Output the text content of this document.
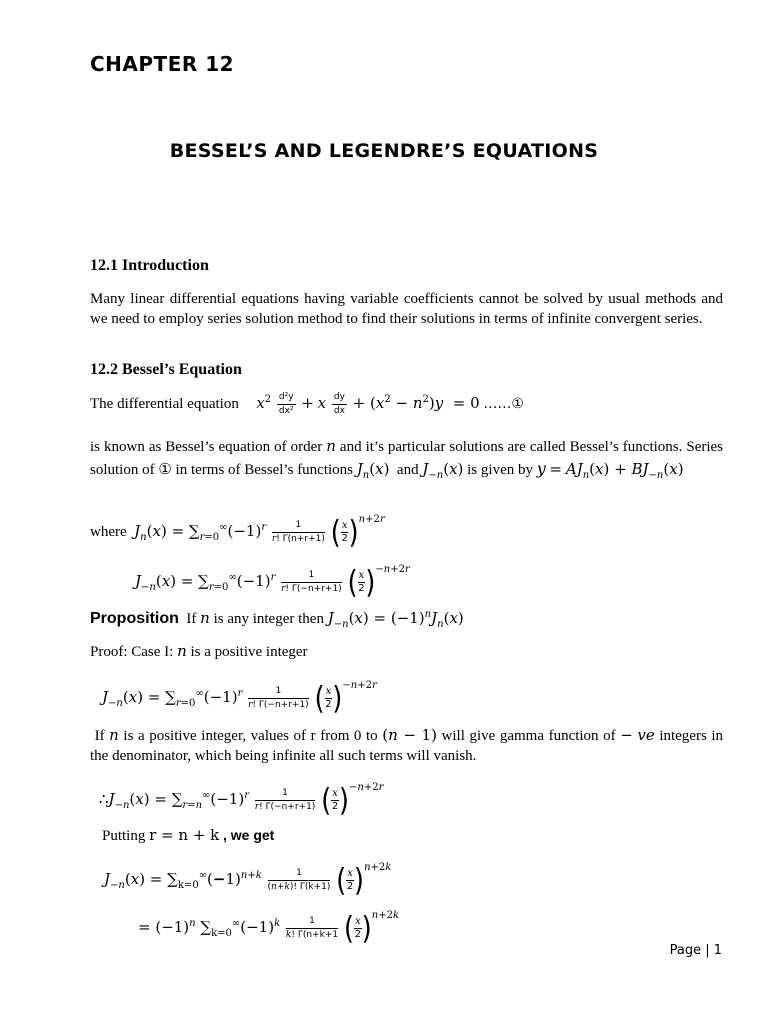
CHAPTER 12
BESSEL’S AND LEGENDRE’S EQUATIONS
12.1 Introduction
Many linear differential equations having variable coefficients cannot be solved by usual methods and we need to employ series solution method to find their solutions in terms of infinite convergent series.
12.2 Bessel’s Equation
The differential equation $x^2 \frac{\text{d²y}}{\text{dx²}} + x \frac{dy}{dx} + (x^2 - n^2)y = 0$ ……①
is known as Bessel’s equation of order n and it’s particular solutions are called Bessel’s functions. Series solution of ① in terms of Bessel’s functions $J_n(x)$ and $J_{-n}(x)$ is given by $y = AJ_n(x) + BJ_{-n}(x)$
where $J_n(x) = \sum_{r=0}^\infty(-1)^r \frac{1}{r! \Gamma(n+r+1)}$ ( $\frac{x}{2} )^{n+2r}$
$J_{-n}(x) = \sum_{r=0}^\infty(-1)^r \frac{1}{r! \Gamma(-n+r+1)}$ ( $\frac{x}{2} )^{-n+2r}$
Proposition If n is any integer then $J_{-n}(x) = (-1)^nJ_n(x)$
Proof: Case I: n is a positive integer
$J_{-n}(x) = \sum_{r=0}^\infty(-1)^r \frac{1}{r! \Gamma(-n+r+1)}$ ( $\frac{x}{2} )^{-n+2r}$
If n is a positive integer, values of r from 0 to (n − 1) will give gamma function of − ve integers in the denominator, which being infinite all such terms will vanish.
$\therefore J_{-n}(x) = \sum_{r=n}^\infty(-1)^r \frac{1}{r! \Gamma(-n+r+1)}$ ( $\frac{x}{2} )^{-n+2r}$
Putting r = n + k , we get
$J_{-n}(x) = \sum_{k=0}^\infty(-1)^{n+k} \frac{1}{(n+k)! \Gamma(k+1)}$ ( $\frac{x}{2} )^{n+2k}$
= $(-1)^n$ $\sum_{k=0}^\infty(-1)^k \frac{1}{k! \Gamma(n+k+1}$ ( $\frac{x}{2} )^{n+2k}$
Page | 1
